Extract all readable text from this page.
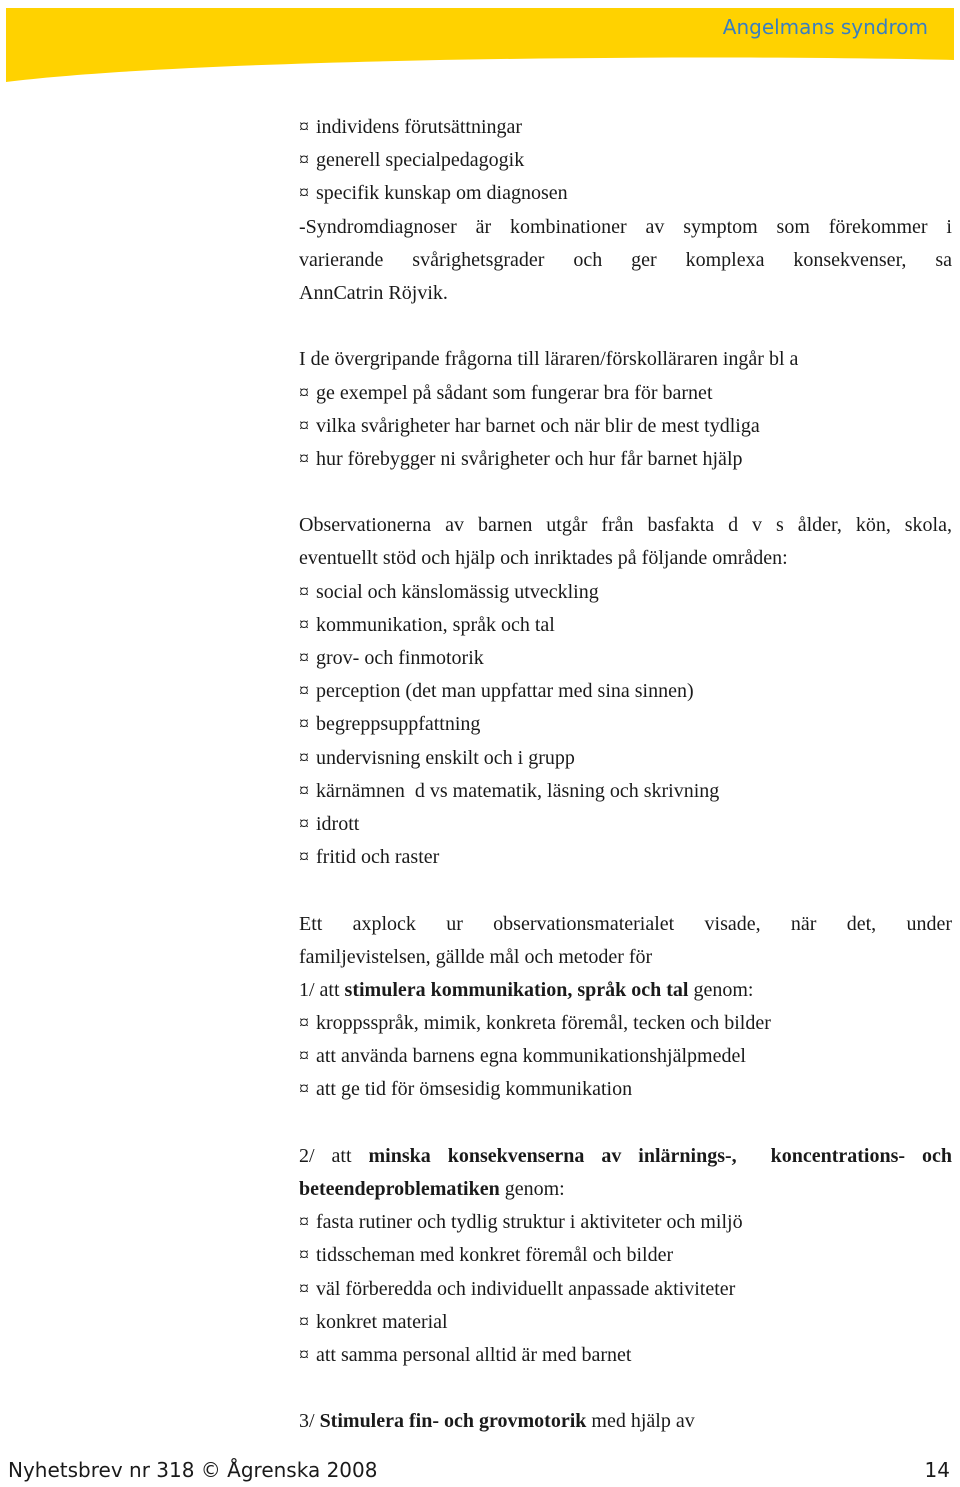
Angelmans syndrom
¤ individens förutsättningar
¤ generell specialpedagogik
¤ specifik kunskap om diagnosen
-Syndromdiagnoser är kombinationer av symptom som förekommer i
varierande svårighetsgrader och ger komplexa konsekvenser, sa
AnnCatrin Röjvik.
I de övergripande frågorna till läraren/förskolläraren ingår bl a
¤ ge exempel på sådant som fungerar bra för barnet
¤ vilka svårigheter har barnet och när blir de mest tydliga
¤ hur förebygger ni svårigheter och hur får barnet hjälp
Observationerna av barnen utgår från basfakta d v s ålder, kön, skola,
eventuellt stöd och hjälp och inriktades på följande områden:
¤ social och känslomässig utveckling
¤ kommunikation, språk och tal
¤ grov- och finmotorik
¤ perception (det man uppfattar med sina sinnen)
¤ begreppsuppfattning
¤ undervisning enskilt och i grupp
¤ kärnämnen  d vs matematik, läsning och skrivning
¤ idrott
¤ fritid och raster
Ett axplock ur observationsmaterialet visade, när det, under
familjevistelsen, gällde mål och metoder för
1/ att stimulera kommunikation, språk och tal genom:
¤ kroppsspråk, mimik, konkreta föremål, tecken och bilder
¤ att använda barnens egna kommunikationshjälpmedel
¤ att ge tid för ömsesidig kommunikation
2/ att minska konsekvenserna av inlärnings-,  koncentrations- och
beteendeproblematiken genom:
¤ fasta rutiner och tydlig struktur i aktiviteter och miljö
¤ tidsscheman med konkret föremål och bilder
¤ väl förberedda och individuellt anpassade aktiviteter
¤ konkret material
¤ att samma personal alltid är med barnet
3/ Stimulera fin- och grovmotorik med hjälp av
Nyhetsbrev nr 318 © Ågrenska 2008	14
